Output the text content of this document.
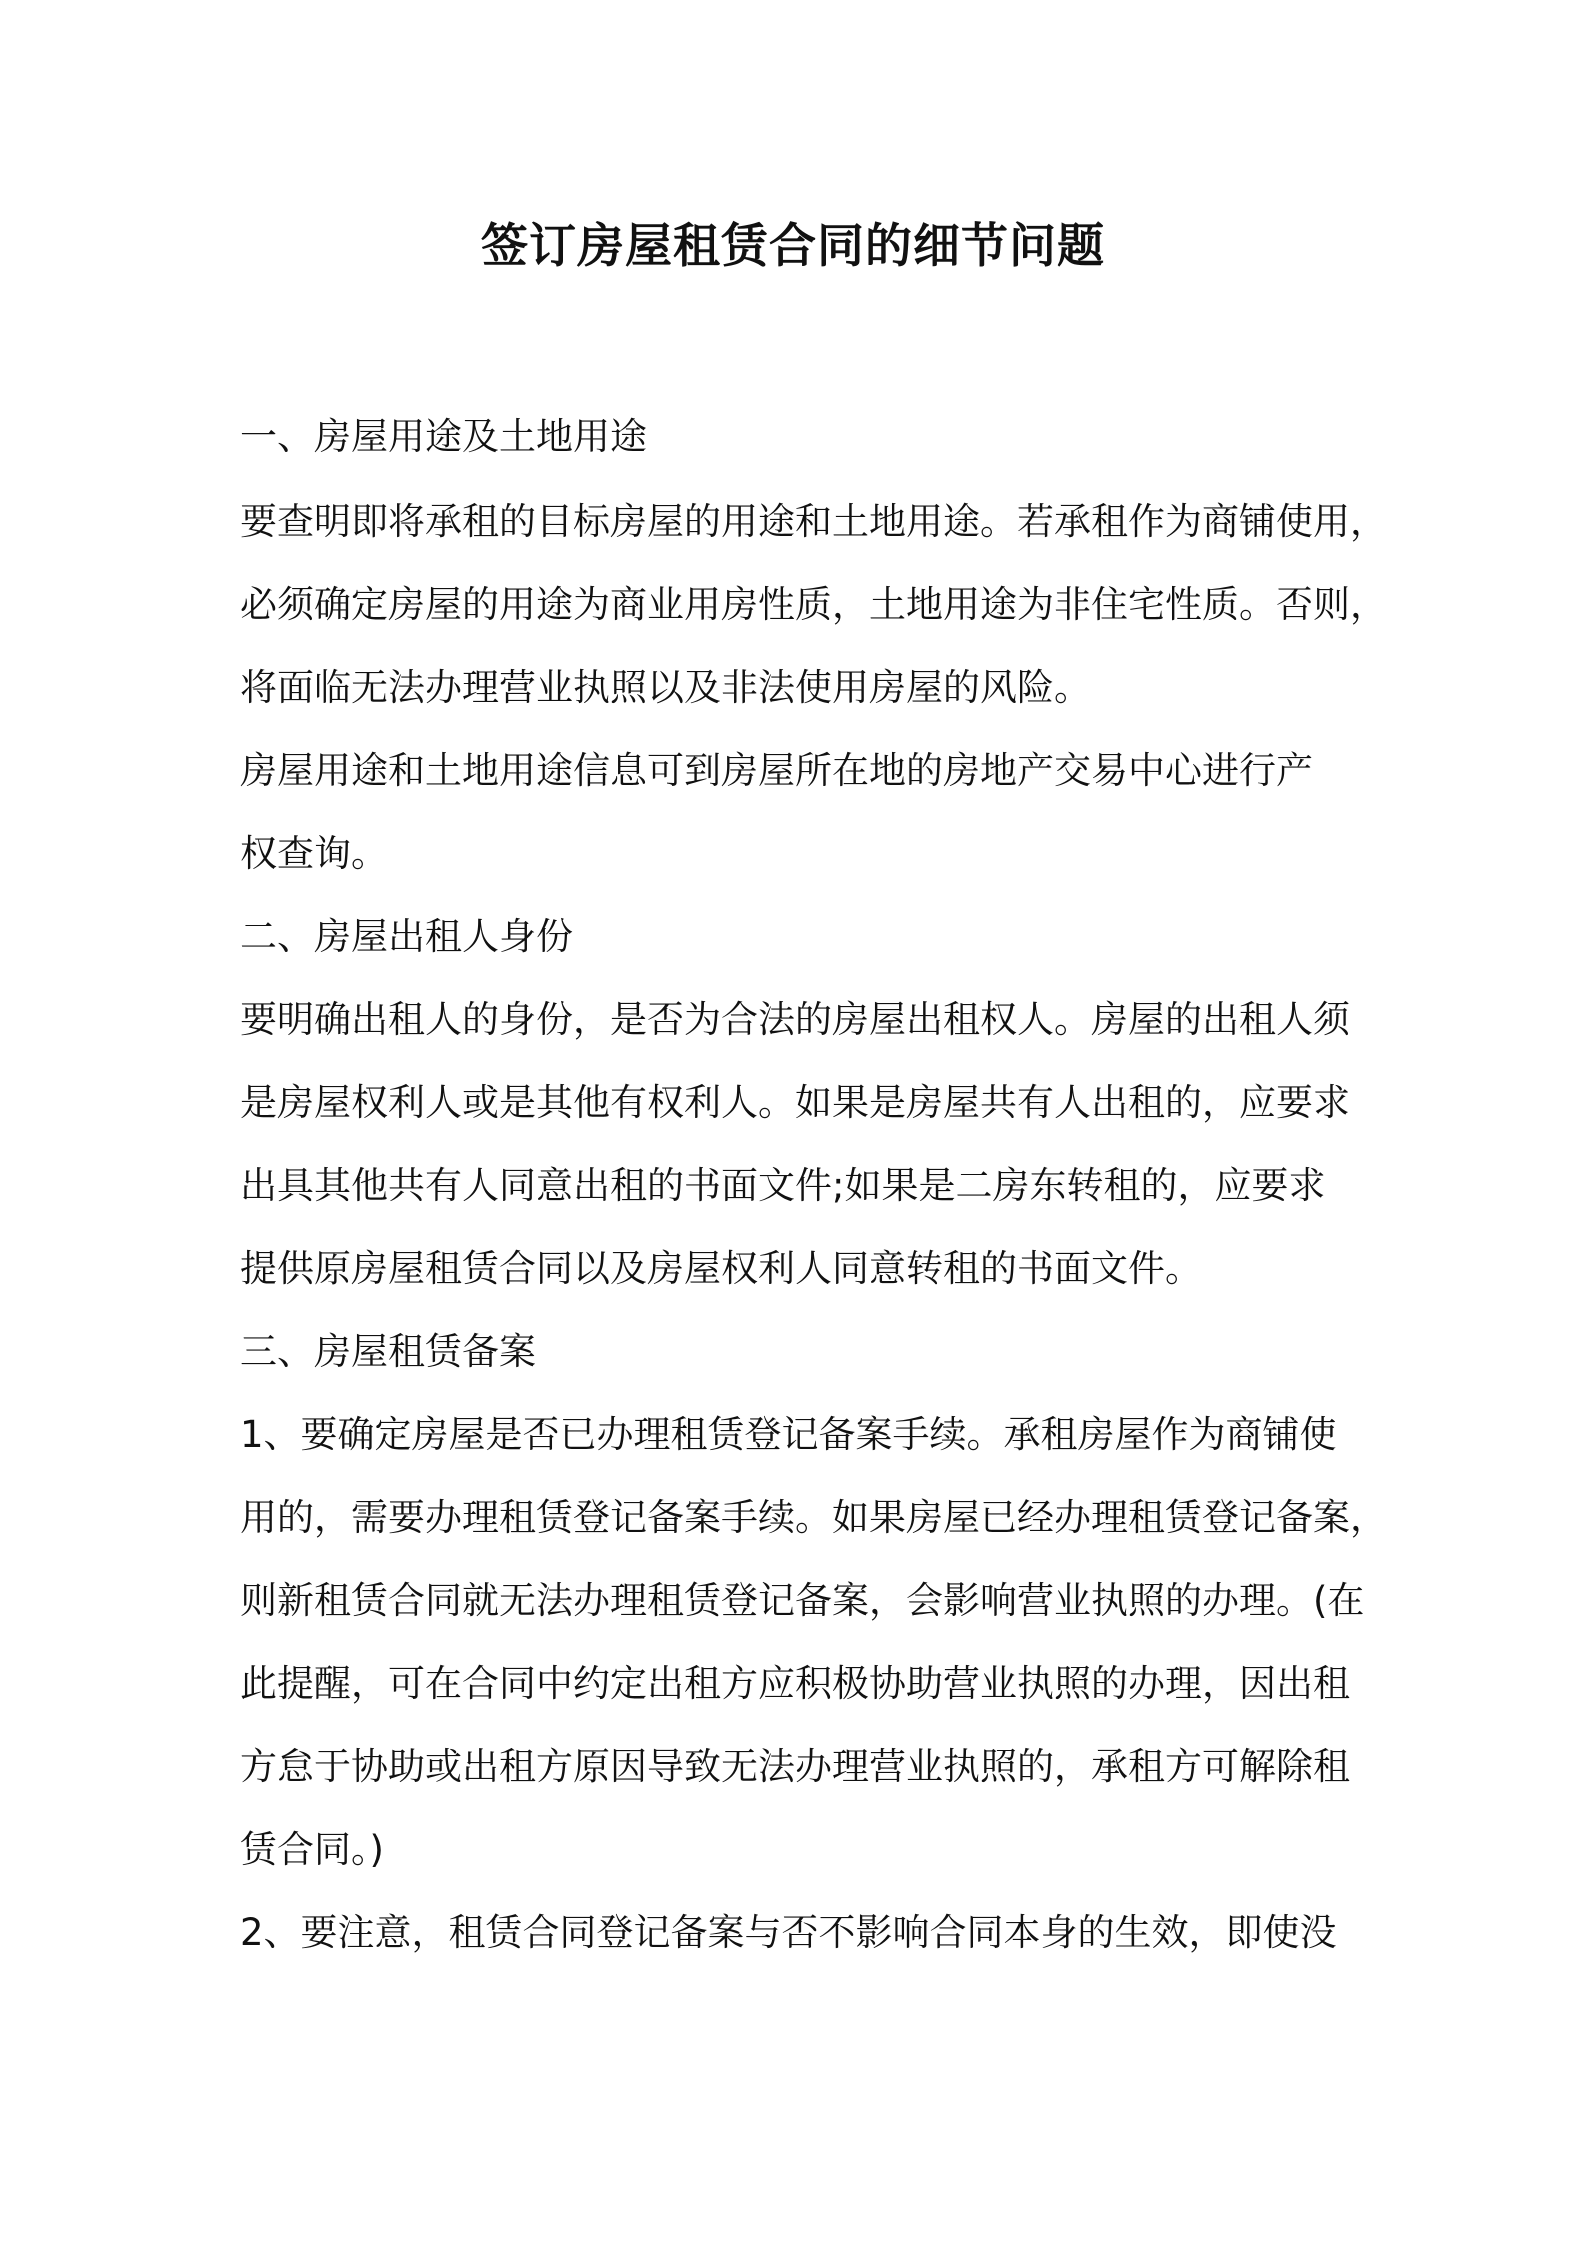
签订房屋租赁合同的细节问题

一、房屋用途及土地用途

要查明即将承租的目标房屋的用途和土地用途。若承租作为商铺使用，

必须确定房屋的用途为商业用房性质，土地用途为非住宅性质。否则，

将面临无法办理营业执照以及非法使用房屋的风险。

房屋用途和土地用途信息可到房屋所在地的房地产交易中心进行产

权查询。

二、房屋出租人身份

要明确出租人的身份，是否为合法的房屋出租权人。房屋的出租人须

是房屋权利人或是其他有权利人。如果是房屋共有人出租的，应要求

出具其他共有人同意出租的书面文件;如果是二房东转租的，应要求

提供原房屋租赁合同以及房屋权利人同意转租的书面文件。

三、房屋租赁备案

1、要确定房屋是否已办理租赁登记备案手续。承租房屋作为商铺使

用的，需要办理租赁登记备案手续。如果房屋已经办理租赁登记备案，

则新租赁合同就无法办理租赁登记备案，会影响营业执照的办理。(在

此提醒，可在合同中约定出租方应积极协助营业执照的办理，因出租

方怠于协助或出租方原因导致无法办理营业执照的，承租方可解除租

赁合同。)

2、要注意，租赁合同登记备案与否不影响合同本身的生效，即使没
